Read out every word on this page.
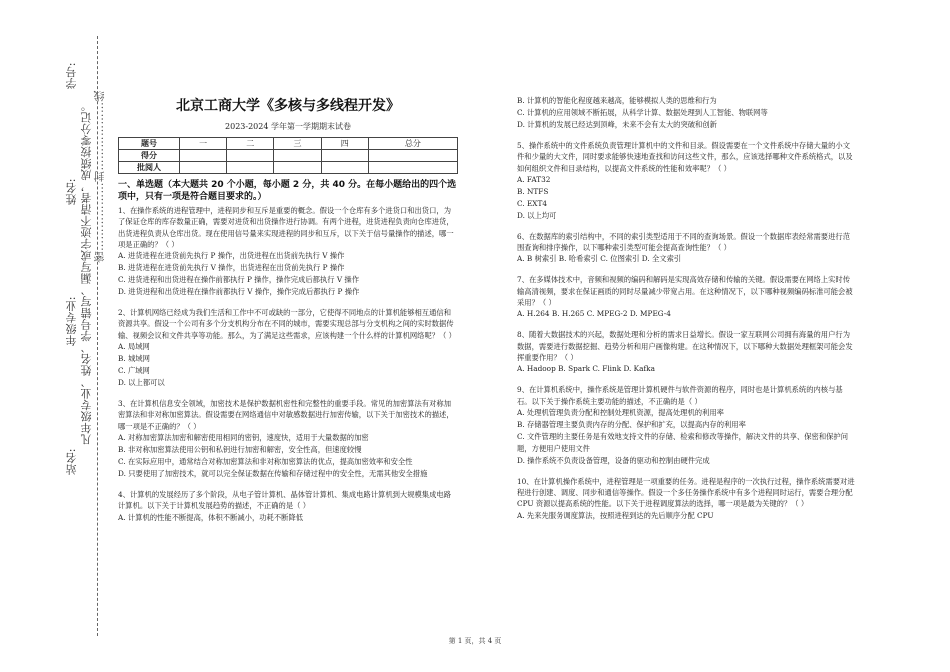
学号:
姓名:
年级专业:
站名:
凡年级专业、姓名、学号错写、漏写或字迹不清者，成绩按零分记。 密………………封………………线	北京工商大学《多核与多线程开发》
2023-2024 学年第一学期期末试卷
题号	一	二	三	四	总分
得分					
批阅人					
一、单选题（本大题共 20 个小题，每小题 2 分，共 40 分。在每小题给出的四个选项中，只有一项是符合题目要求的。）
1、在操作系统的进程管理中，进程同步和互斥是重要的概念。假设一个仓库有多个进货口和出货口，为了保证仓库的库存数量正确，需要对进货和出货操作进行协调。有两个进程，进货进程负责向仓库进货，出货进程负责从仓库出货。现在使用信号量来实现进程的同步和互斥，以下关于信号量操作的描述，哪一项是正确的？（ ）
A. 进货进程在进货前先执行 P 操作，出货进程在出货前先执行 V 操作
B. 进货进程在进货前先执行 V 操作，出货进程在出货前先执行 P 操作
C. 进货进程和出货进程在操作前都执行 P 操作，操作完成后都执行 V 操作
D. 进货进程和出货进程在操作前都执行 V 操作，操作完成后都执行 P 操作
2、计算机网络已经成为我们生活和工作中不可或缺的一部分，它使得不同地点的计算机能够相互通信和资源共享。假设一个公司有多个分支机构分布在不同的城市，需要实现总部与分支机构之间的实时数据传输、视频会议和文件共享等功能。那么，为了满足这些需求，应该构建一个什么样的计算机网络呢？（ ）
A. 局域网
B. 城域网
C. 广域网
D. 以上都可以
3、在计算机信息安全领域，加密技术是保护数据机密性和完整性的重要手段。常见的加密算法有对称加密算法和非对称加密算法。假设需要在网络通信中对敏感数据进行加密传输，以下关于加密技术的描述，哪一项是不正确的？（ ）
A. 对称加密算法加密和解密使用相同的密钥，速度快，适用于大量数据的加密
B. 非对称加密算法使用公钥和私钥进行加密和解密，安全性高，但速度较慢
C. 在实际应用中，通常结合对称加密算法和非对称加密算法的优点，提高加密效率和安全性
D. 只要使用了加密技术，就可以完全保证数据在传输和存储过程中的安全性，无需其他安全措施
4、计算机的发展经历了多个阶段，从电子管计算机、晶体管计算机、集成电路计算机到大规模集成电路计算机。以下关于计算机发展趋势的描述，不正确的是（ ）
A. 计算机的性能不断提高，体积不断减小，功耗不断降低
B. 计算机的智能化程度越来越高，能够模拟人类的思维和行为
C. 计算机的应用领域不断拓展，从科学计算、数据处理到人工智能、物联网等
D. 计算机的发展已经达到顶峰，未来不会有太大的突破和创新
5、操作系统中的文件系统负责管理计算机中的文件和目录。假设需要在一个文件系统中存储大量的小文件和少量的大文件，同时要求能够快速地查找和访问这些文件，那么，应该选择哪种文件系统格式，以及如何组织文件和目录结构，以提高文件系统的性能和效率呢？（ ）
A. FAT32
B. NTFS
C. EXT4
D. 以上均可
6、在数据库的索引结构中，不同的索引类型适用于不同的查询场景。假设一个数据库表经常需要进行范围查询和排序操作，以下哪种索引类型可能会提高查询性能？（ ）
A. B 树索引 B. 哈希索引 C. 位图索引 D. 全文索引
7、在多媒体技术中，音频和视频的编码和解码是实现高效存储和传输的关键。假设需要在网络上实时传输高清视频，要求在保证画质的同时尽量减少带宽占用。在这种情况下，以下哪种视频编码标准可能会被采用？（ ）
A. H.264 B. H.265 C. MPEG-2 D. MPEG-4
8、随着大数据技术的兴起，数据处理和分析的需求日益增长。假设一家互联网公司拥有海量的用户行为数据，需要进行数据挖掘、趋势分析和用户画像构建。在这种情况下，以下哪种大数据处理框架可能会发挥重要作用？（ ）
A. Hadoop B. Spark C. Flink D. Kafka
9、在计算机系统中，操作系统是管理计算机硬件与软件资源的程序，同时也是计算机系统的内核与基石。以下关于操作系统主要功能的描述，不正确的是（ ）
A. 处理机管理负责分配和控制处理机资源，提高处理机的利用率
B. 存储器管理主要负责内存的分配、保护和扩充，以提高内存的利用率
C. 文件管理的主要任务是有效地支持文件的存储、检索和修改等操作，解决文件的共享、保密和保护问题，方便用户使用文件
D. 操作系统不负责设备管理，设备的驱动和控制由硬件完成
10、在计算机操作系统中，进程管理是一项重要的任务。进程是程序的一次执行过程，操作系统需要对进程进行创建、调度、同步和通信等操作。假设一个多任务操作系统中有多个进程同时运行，需要合理分配 CPU 资源以提高系统的性能。以下关于进程调度算法的选择，哪一项是最为关键的？（ ）
A. 先来先服务调度算法，按照进程到达的先后顺序分配 CPU
第 1 页，共 4 页
